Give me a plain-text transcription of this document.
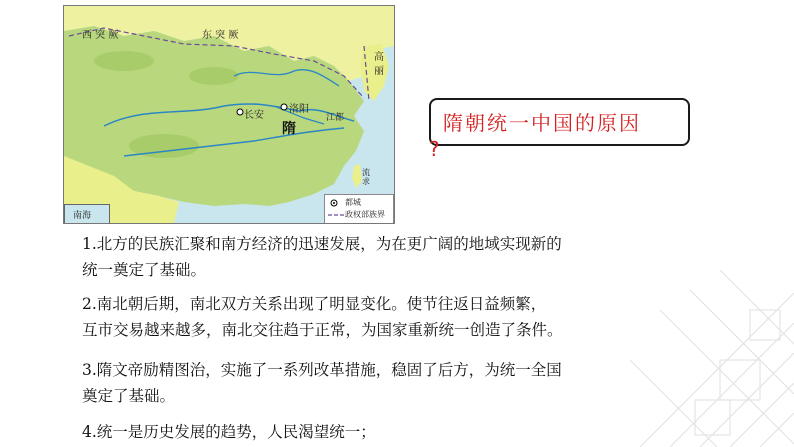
西 突 厥	东 突 厥
高
丽
长安
洛阳
隋
江都
流
求
南海
都城
政权部族界
隋朝统一中国的原因
?
1.北方的民族汇聚和南方经济的迅速发展，为在更广阔的地域实现新的
统一奠定了基础。
2.南北朝后期，南北双方关系出现了明显变化。使节往返日益频繁，
互市交易越来越多，南北交往趋于正常，为国家重新统一创造了条件。
3.隋文帝励精图治，实施了一系列改革措施，稳固了后方，为统一全国
奠定了基础。
4.统一是历史发展的趋势，人民渴望统一；
